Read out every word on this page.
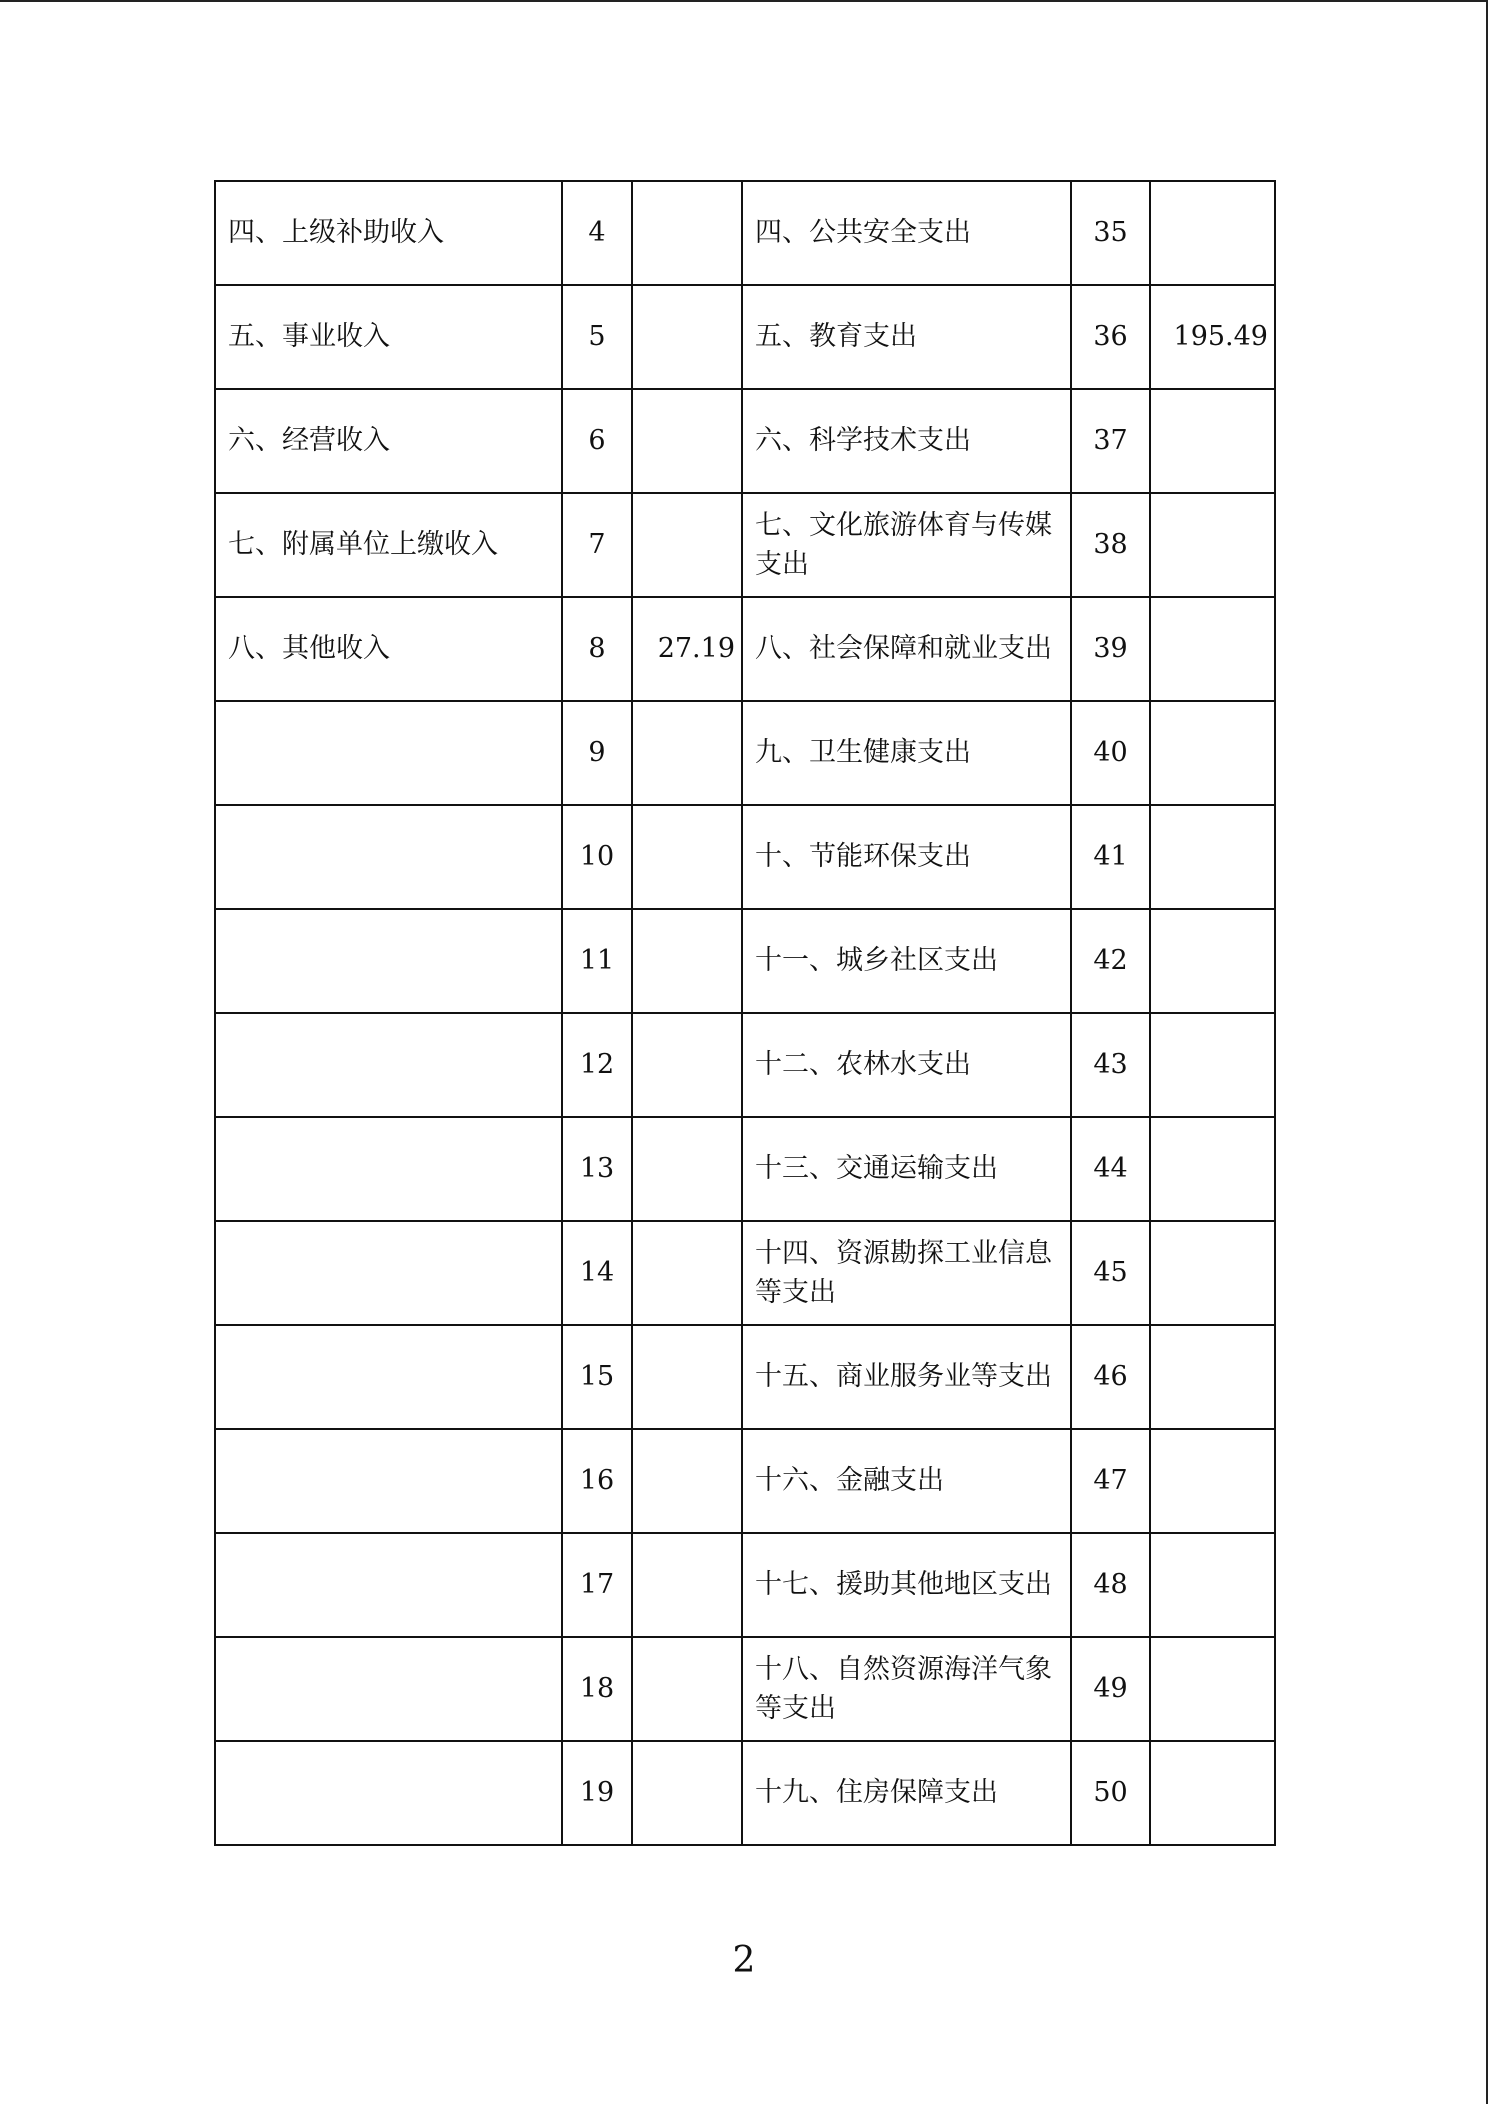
四、上级补助收入	4		四、公共安全支出	35	
五、事业收入	5		五、教育支出	36	195.49
六、经营收入	6		六、科学技术支出	37	
七、附属单位上缴收入	7		七、文化旅游体育与传媒支出	38	
八、其他收入	8	27.19	八、社会保障和就业支出	39	
	9		九、卫生健康支出	40	
	10		十、节能环保支出	41	
	11		十一、城乡社区支出	42	
	12		十二、农林水支出	43	
	13		十三、交通运输支出	44	
	14		十四、资源勘探工业信息等支出	45	
	15		十五、商业服务业等支出	46	
	16		十六、金融支出	47	
	17		十七、援助其他地区支出	48	
	18		十八、自然资源海洋气象等支出	49	
	19		十九、住房保障支出	50	
2
